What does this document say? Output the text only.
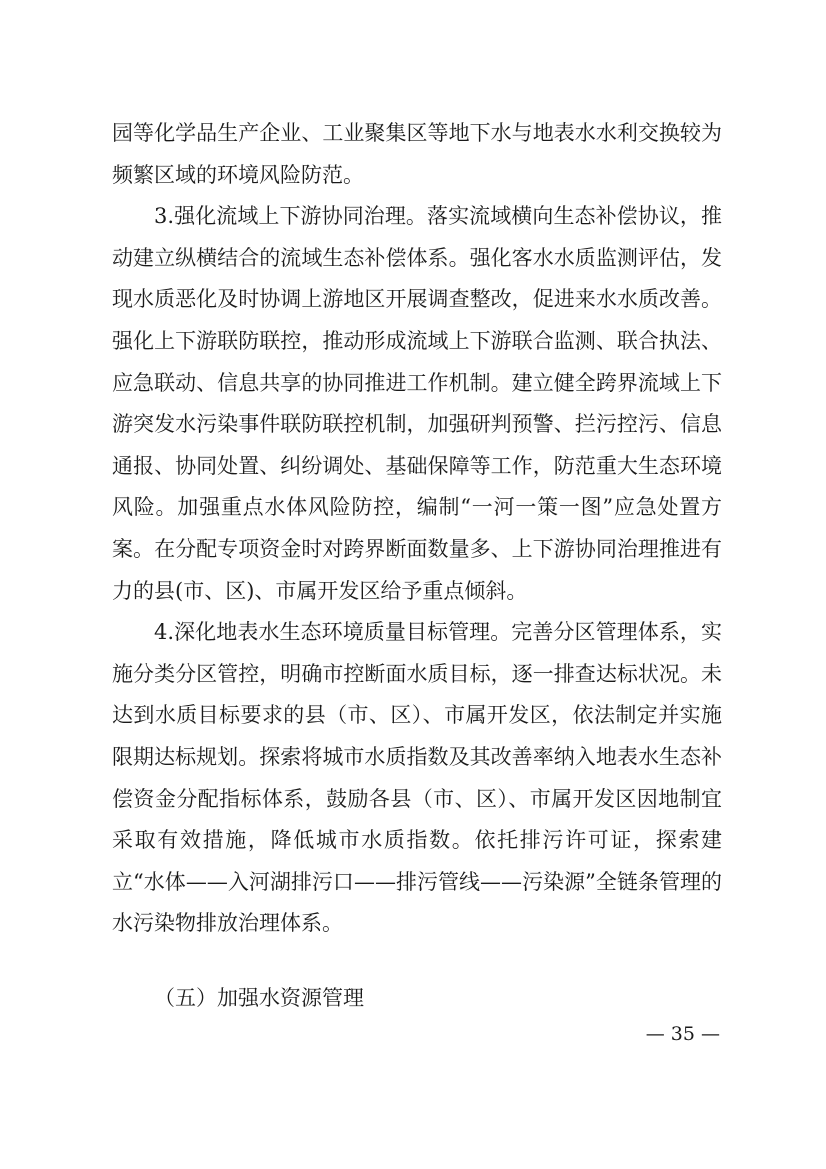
园等化学品生产企业、工业聚集区等地下水与地表水水利交换较为频繁区域的环境风险防范。

3.强化流域上下游协同治理。落实流域横向生态补偿协议，推动建立纵横结合的流域生态补偿体系。强化客水水质监测评估，发现水质恶化及时协调上游地区开展调查整改，促进来水水质改善。强化上下游联防联控，推动形成流域上下游联合监测、联合执法、应急联动、信息共享的协同推进工作机制。建立健全跨界流域上下游突发水污染事件联防联控机制，加强研判预警、拦污控污、信息通报、协同处置、纠纷调处、基础保障等工作，防范重大生态环境风险。加强重点水体风险防控，编制“一河一策一图”应急处置方案。在分配专项资金时对跨界断面数量多、上下游协同治理推进有力的县(市、区)、市属开发区给予重点倾斜。

4.深化地表水生态环境质量目标管理。完善分区管理体系，实施分类分区管控，明确市控断面水质目标，逐一排查达标状况。未达到水质目标要求的县（市、区）、市属开发区，依法制定并实施限期达标规划。探索将城市水质指数及其改善率纳入地表水生态补偿资金分配指标体系，鼓励各县（市、区）、市属开发区因地制宜采取有效措施，降低城市水质指数。依托排污许可证，探索建立“水体——入河湖排污口——排污管线——污染源”全链条管理的水污染物排放治理体系。

（五）加强水资源管理
— 35 —
